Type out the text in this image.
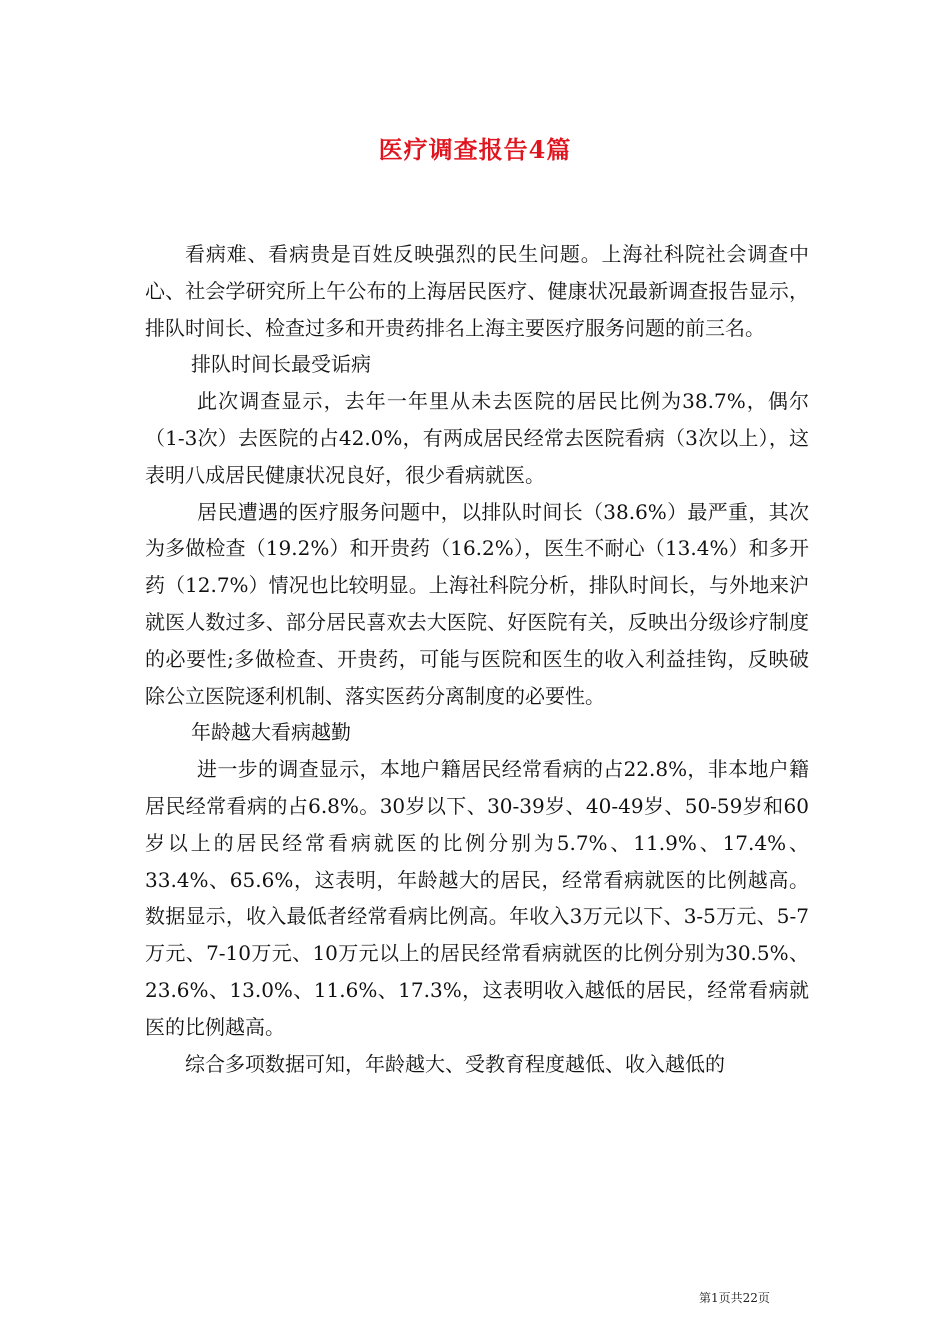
医疗调查报告4篇

看病难、看病贵是百姓反映强烈的民生问题。上海社科院社会调查中心、社会学研究所上午公布的上海居民医疗、健康状况最新调查报告显示，排队时间长、检查过多和开贵药排名上海主要医疗服务问题的前三名。

排队时间长最受诟病

此次调查显示，去年一年里从未去医院的居民比例为38.7%，偶尔（1-3次）去医院的占42.0%，有两成居民经常去医院看病（3次以上），这表明八成居民健康状况良好，很少看病就医。

居民遭遇的医疗服务问题中，以排队时间长（38.6%）最严重，其次为多做检查（19.2%）和开贵药（16.2%），医生不耐心（13.4%）和多开药（12.7%）情况也比较明显。上海社科院分析，排队时间长，与外地来沪就医人数过多、部分居民喜欢去大医院、好医院有关，反映出分级诊疗制度的必要性;多做检查、开贵药，可能与医院和医生的收入利益挂钩，反映破除公立医院逐利机制、落实医药分离制度的必要性。

年龄越大看病越勤

进一步的调查显示，本地户籍居民经常看病的占22.8%，非本地户籍居民经常看病的占6.8%。30岁以下、30-39岁、40-49岁、50-59岁和60岁以上的居民经常看病就医的比例分别为5.7%、11.9%、17.4%、33.4%、65.6%，这表明，年龄越大的居民，经常看病就医的比例越高。数据显示，收入最低者经常看病比例高。年收入3万元以下、3-5万元、5-7万元、7-10万元、10万元以上的居民经常看病就医的比例分别为30.5%、23.6%、13.0%、11.6%、17.3%，这表明收入越低的居民，经常看病就医的比例越高。

综合多项数据可知，年龄越大、受教育程度越低、收入越低的

第1页共22页
